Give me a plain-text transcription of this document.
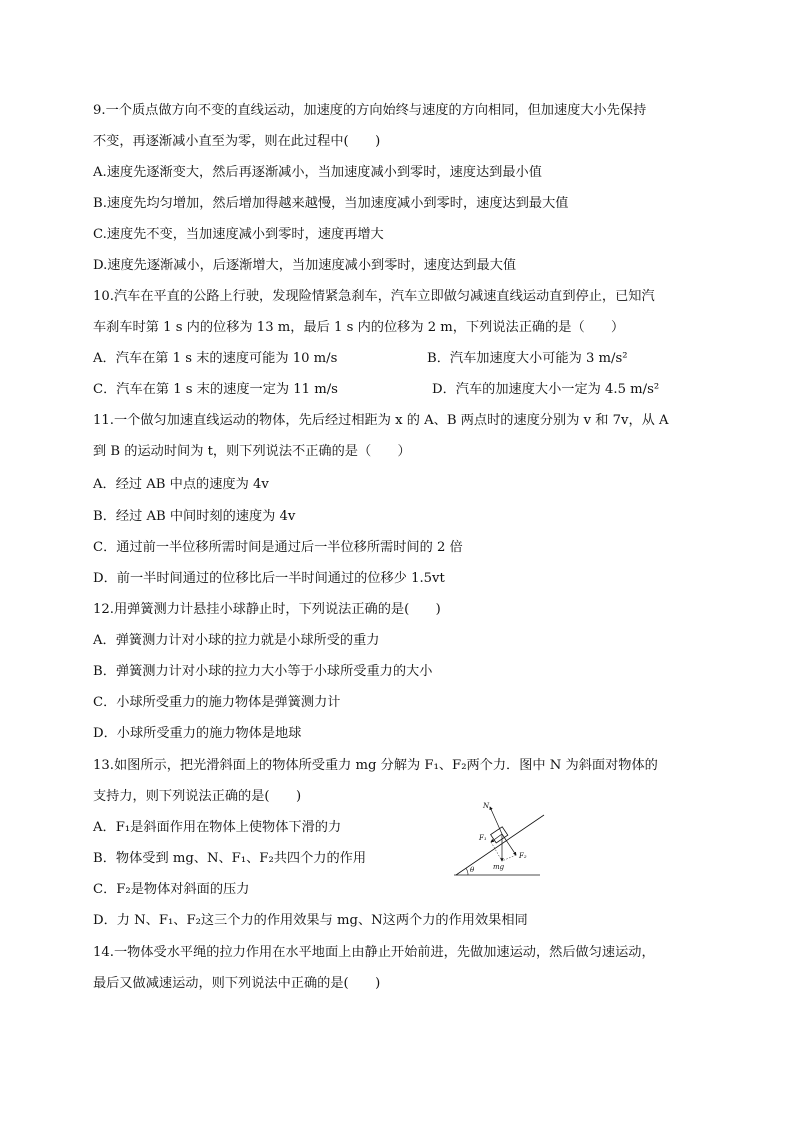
9.一个质点做方向不变的直线运动，加速度的方向始终与速度的方向相同，但加速度大小先保持
不变，再逐渐减小直至为零，则在此过程中(　　)
A.速度先逐渐变大，然后再逐渐减小，当加速度减小到零时，速度达到最小值
B.速度先均匀增加，然后增加得越来越慢，当加速度减小到零时，速度达到最大值
C.速度先不变，当加速度减小到零时，速度再增大
D.速度先逐渐减小，后逐渐增大，当加速度减小到零时，速度达到最大值
10.汽车在平直的公路上行驶，发现险情紧急刹车，汽车立即做匀减速直线运动直到停止，已知汽
车刹车时第 1 s 内的位移为 13 m，最后 1 s 内的位移为 2 m，下列说法正确的是（　　）
A．汽车在第 1 s 末的速度可能为 10 m/s	B．汽车加速度大小可能为 3 m/s²
C．汽车在第 1 s 末的速度一定为 11 m/s	D．汽车的加速度大小一定为 4.5 m/s²
11.一个做匀加速直线运动的物体，先后经过相距为 x 的 A、B 两点时的速度分别为 v 和 7v，从 A
到 B 的运动时间为 t，则下列说法不正确的是（　　）
A．经过 AB 中点的速度为 4v
B．经过 AB 中间时刻的速度为 4v
C．通过前一半位移所需时间是通过后一半位移所需时间的 2 倍
D．前一半时间通过的位移比后一半时间通过的位移少 1.5vt
12.用弹簧测力计悬挂小球静止时，下列说法正确的是(　　)
A．弹簧测力计对小球的拉力就是小球所受的重力
B．弹簧测力计对小球的拉力大小等于小球所受重力的大小
C．小球所受重力的施力物体是弹簧测力计
D．小球所受重力的施力物体是地球
13.如图所示，把光滑斜面上的物体所受重力 mg 分解为 F₁、F₂两个力．图中 N 为斜面对物体的
支持力，则下列说法正确的是(　　)
A．F₁是斜面作用在物体上使物体下滑的力
B．物体受到 mg、N、F₁、F₂共四个力的作用
C．F₂是物体对斜面的压力
D．力 N、F₁、F₂这三个力的作用效果与 mg、N这两个力的作用效果相同
θ
N
mg
F₁
F₂
14.一物体受水平绳的拉力作用在水平地面上由静止开始前进，先做加速运动，然后做匀速运动，
最后又做减速运动，则下列说法中正确的是(　　)
